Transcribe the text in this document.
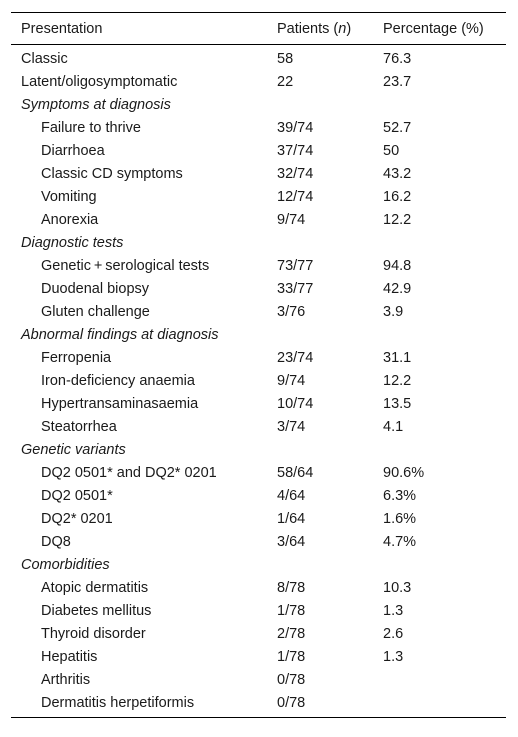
Presentation	Patients (n)	Percentage (%)
Classic	58	76.3
Latent/oligosymptomatic	22	23.7
Symptoms at diagnosis		
Failure to thrive	39/74	52.7
Diarrhoea	37/74	50
Classic CD symptoms	32/74	43.2
Vomiting	12/74	16.2
Anorexia	9/74	12.2
Diagnostic tests		
Genetic + serological tests	73/77	94.8
Duodenal biopsy	33/77	42.9
Gluten challenge	3/76	3.9
Abnormal findings at diagnosis		
Ferropenia	23/74	31.1
Iron-deficiency anaemia	9/74	12.2
Hypertransaminasaemia	10/74	13.5
Steatorrhea	3/74	4.1
Genetic variants		
DQ2 0501* and DQ2* 0201	58/64	90.6%
DQ2 0501*	4/64	6.3%
DQ2* 0201	1/64	1.6%
DQ8	3/64	4.7%
Comorbidities		
Atopic dermatitis	8/78	10.3
Diabetes mellitus	1/78	1.3
Thyroid disorder	2/78	2.6
Hepatitis	1/78	1.3
Arthritis	0/78	
Dermatitis herpetiformis	0/78	
